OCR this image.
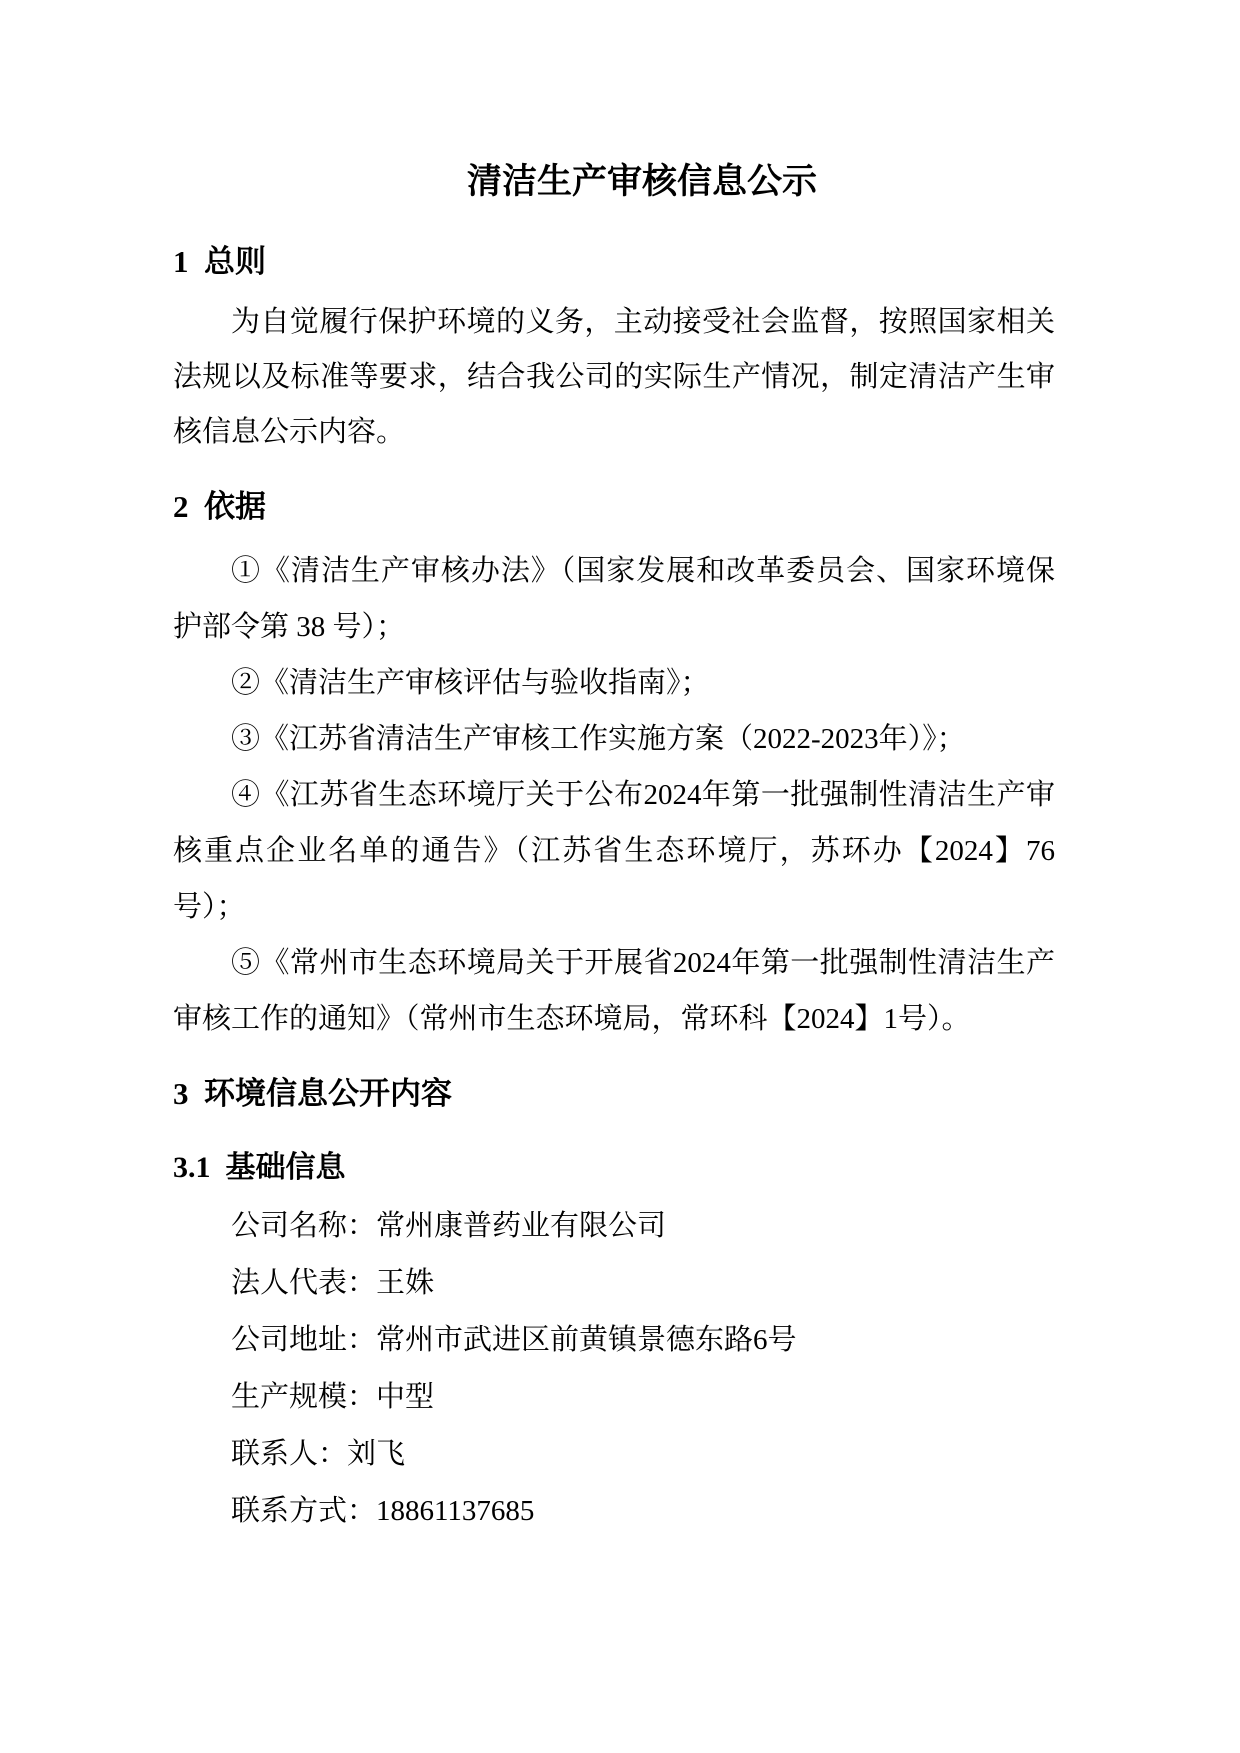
清洁生产审核信息公示
1  总则

为自觉履行保护环境的义务，主动接受社会监督，按照国家相关法规以及标准等要求，结合我公司的实际生产情况，制定清洁产生审核信息公示内容。

2  依据

①《清洁生产审核办法》（国家发展和改革委员会、国家环境保护部令第 38 号）；

②《清洁生产审核评估与验收指南》；

③《江苏省清洁生产审核工作实施方案（2022-2023年）》；

④《江苏省生态环境厅关于公布2024年第一批强制性清洁生产审核重点企业名单的通告》（江苏省生态环境厅，苏环办【2024】76号）；

⑤《常州市生态环境局关于开展省2024年第一批强制性清洁生产审核工作的通知》（常州市生态环境局，常环科【2024】1号）。

3  环境信息公开内容
3.1  基础信息

公司名称：常州康普药业有限公司

法人代表：王姝

公司地址：常州市武进区前黄镇景德东路6号

生产规模：中型

联系人：刘飞

联系方式：18861137685
